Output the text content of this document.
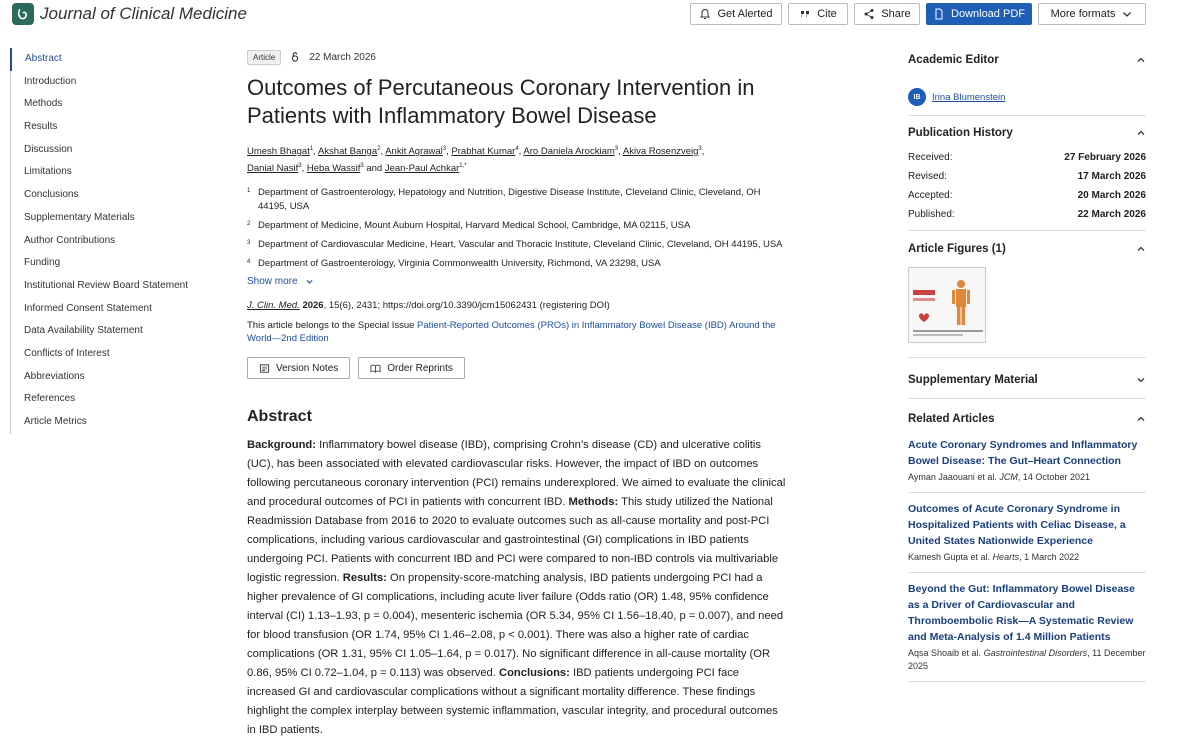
Journal of Clinical Medicine	Get Alerted	Cite	Share	Download PDF More formats
Abstract
Introduction
Methods
Results
Discussion
Limitations
Conclusions
Supplementary Materials
Author Contributions
Funding
Institutional Review Board Statement
Informed Consent Statement
Data Availability Statement
Conflicts of Interest
Abbreviations
References
Article Metrics
Article	22 March 2026
Outcomes of Percutaneous Coronary Intervention in Patients with Inflammatory Bowel Disease
Umesh Bhagat$^1$, Akshat Banga$^2$, Ankit Agrawal$^3$, Prabhat Kumar$^4$, Aro Daniela Arockiam$^3$, Akiva Rosenzveig$^3$,
Danial Nasif$^3$, Heba Wassif$^3$ and Jean-Paul Achkar$^{1,*}$
1 Department of Gastroenterology, Hepatology and Nutrition, Digestive Disease Institute, Cleveland Clinic, Cleveland, OH 44195, USA
2 Department of Medicine, Mount Auburn Hospital, Harvard Medical School, Cambridge, MA 02115, USA
3 Department of Cardiovascular Medicine, Heart, Vascular and Thoracic Institute, Cleveland Clinic, Cleveland, OH 44195, USA
4 Department of Gastroenterology, Virginia Commonwealth University, Richmond, VA 23298, USA
Show more
J. Clin. Med. 2026, 15(6), 2431; https://doi.org/10.3390/jcm15062431 (registering DOI)
This article belongs to the Special Issue Patient-Reported Outcomes (PROs) in Inflammatory Bowel Disease (IBD) Around the World—2nd Edition
Version Notes	Order Reprints
Abstract

Background: Inflammatory bowel disease (IBD), comprising Crohn’s disease (CD) and ulcerative colitis (UC), has been associated with elevated cardiovascular risks. However, the impact of IBD on outcomes following percutaneous coronary intervention (PCI) remains underexplored. We aimed to evaluate the clinical and procedural outcomes of PCI in patients with concurrent IBD. Methods: This study utilized the National Readmission Database from 2016 to 2020 to evaluate outcomes such as all-cause mortality and post-PCI complications, including various cardiovascular and gastrointestinal (GI) complications in IBD patients undergoing PCI. Patients with concurrent IBD and PCI were compared to non-IBD controls via multivariable logistic regression. Results: On propensity-score-matching analysis, IBD patients undergoing PCI had a higher prevalence of GI complications, including acute liver failure (Odds ratio (OR) 1.48, 95% confidence interval (CI) 1.13–1.93, p = 0.004), mesenteric ischemia (OR 5.34, 95% CI 1.56–18.40, p = 0.007), and need for blood transfusion (OR 1.74, 95% CI 1.46–2.08, p < 0.001). There was also a higher rate of cardiac complications (OR 1.31, 95% CI 1.05–1.64, p = 0.017). No significant difference in all-cause mortality (OR 0.86, 95% CI 0.72–1.04, p = 0.113) was observed. Conclusions: IBD patients undergoing PCI face increased GI and cardiovascular complications without a significant mortality difference. These findings highlight the complex interplay between systemic inflammation, vascular integrity, and procedural outcomes in IBD patients.

Academic Editor
IB	Irina Blumenstein
Publication History
Received:	27 February 2026
Revised:	17 March 2026
Accepted:	20 March 2026
Published:	22 March 2026
Article Figures (1)
Supplementary Material
Related Articles
Acute Coronary Syndromes and Inflammatory Bowel Disease: The Gut–Heart Connection
Ayman Jaaouani et al. JCM, 14 October 2021
Outcomes of Acute Coronary Syndrome in Hospitalized Patients with Celiac Disease, a United States Nationwide Experience
Kamesh Gupta et al. Hearts, 1 March 2022
Beyond the Gut: Inflammatory Bowel Disease as a Driver of Cardiovascular and Thromboembolic Risk—A Systematic Review and Meta-Analysis of 1.4 Million Patients
Aqsa Shoaib et al. Gastrointestinal Disorders, 11 December 2025
